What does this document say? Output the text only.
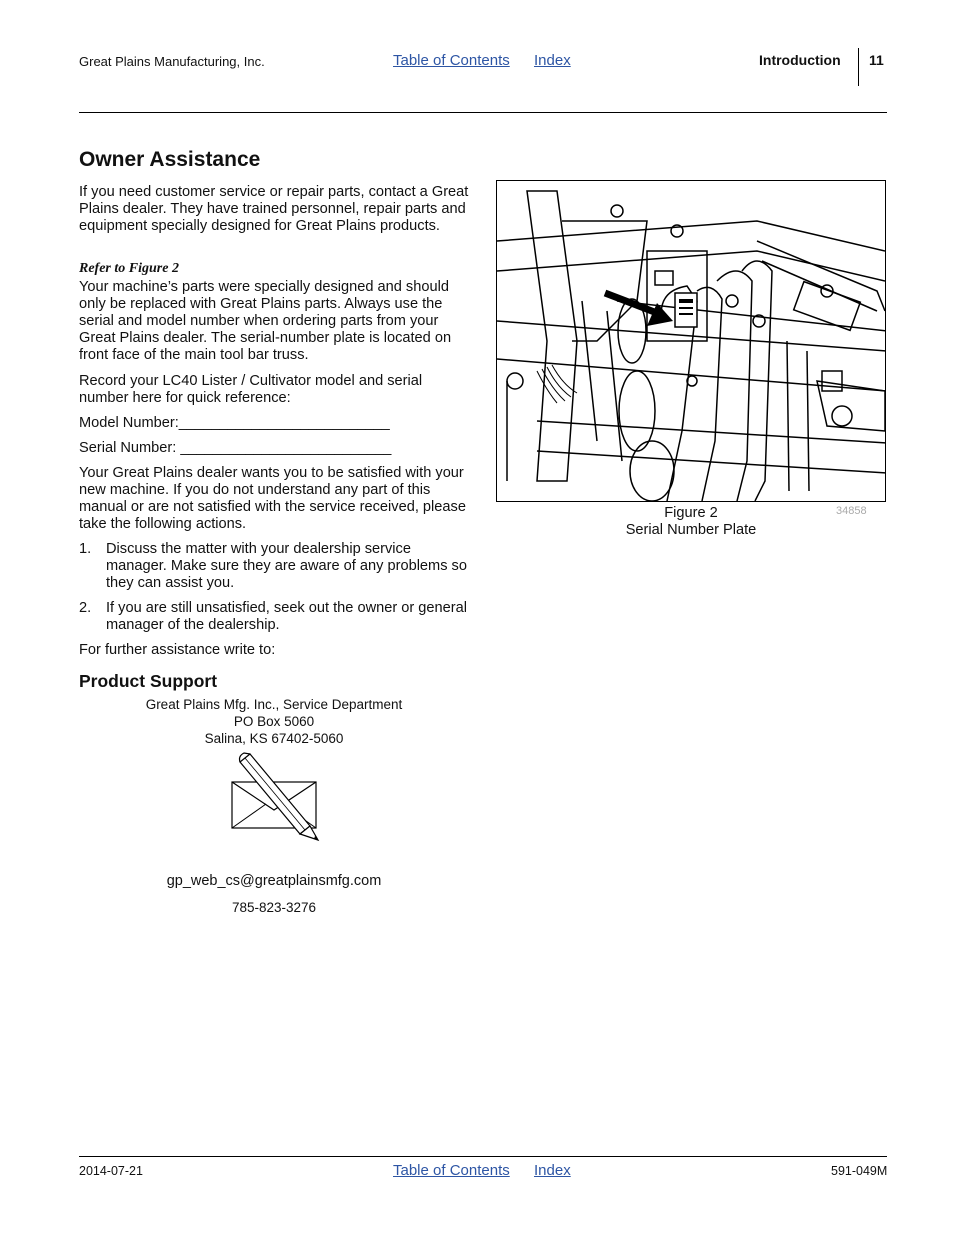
Great Plains Manufacturing, Inc.	Table of Contents Index	Introduction 11
Owner Assistance

If you need customer service or repair parts, contact a Great Plains dealer. They have trained personnel, repair parts and equipment specially designed for Great Plains products.

Refer to Figure 2

Your machine’s parts were specially designed and should only be replaced with Great Plains parts. Always use the serial and model number when ordering parts from your Great Plains dealer. The serial-number plate is located on front face of the main tool bar truss.

Record your LC40 Lister / Cultivator model and serial number here for quick reference:

Model Number:__________________________
Serial Number: __________________________

Your Great Plains dealer wants you to be satisfied with your new machine. If you do not understand any part of this manual or are not satisfied with the service received, please take the following actions.

1.	Discuss the matter with your dealership service manager. Make sure they are aware of any problems so they can assist you.
2.	If you are still unsatisfied, seek out the owner or general manager of the dealership.
For further assistance write to:
Product Support
Great Plains Mfg. Inc., Service Department
PO Box 5060
Salina, KS 67402-5060
gp_web_cs@greatplainsmfg.com
785-823-3276
Figure 2
Serial Number Plate
34858
2014-07-21	Table of Contents Index	591-049M
